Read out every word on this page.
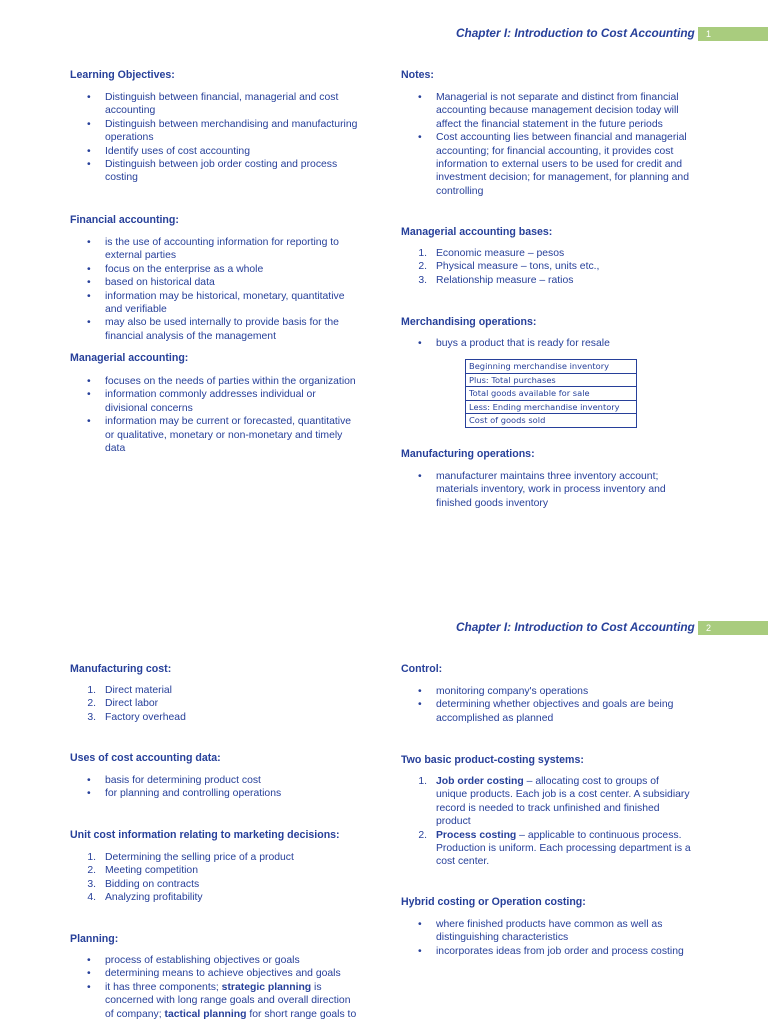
Chapter I: Introduction to Cost Accounting	1
Learning Objectives:
• Distinguish between financial, managerial and cost
accounting
• Distinguish between merchandising and manufacturing
operations
• Identify uses of cost accounting
• Distinguish between job order costing and process
costing
Financial accounting:
• is the use of accounting information for reporting to
external parties
• focus on the enterprise as a whole
• based on historical data
• information may be historical, monetary, quantitative
and verifiable
• may also be used internally to provide basis for the
financial analysis of the management
Managerial accounting:
• focuses on the needs of parties within the organization
• information commonly addresses individual or
divisional concerns
• information may be current or forecasted, quantitative
or qualitative, monetary or non-monetary and timely
data
Notes:
• Managerial is not separate and distinct from financial
accounting because management decision today will
affect the financial statement in the future periods
• Cost accounting lies between financial and managerial
accounting; for financial accounting, it provides cost
information to external users to be used for credit and
investment decision; for management, for planning and
controlling
Managerial accounting bases:
1. Economic measure – pesos
2. Physical measure – tons, units etc.,
3. Relationship measure – ratios
Merchandising operations:
• buys a product that is ready for resale
Beginning merchandise inventory
Plus: Total purchases
Total goods available for sale
Less: Ending merchandise inventory
Cost of goods sold
Manufacturing operations:
• manufacturer maintains three inventory account;
materials inventory, work in process inventory and
finished goods inventory
Chapter I: Introduction to Cost Accounting	2
Manufacturing cost:
1. Direct material
2. Direct labor
3. Factory overhead
Uses of cost accounting data:
• basis for determining product cost
• for planning and controlling operations
Unit cost information relating to marketing decisions:
1. Determining the selling price of a product
2. Meeting competition
3. Bidding on contracts
4. Analyzing profitability
Planning:
• process of establishing objectives or goals
• determining means to achieve objectives and goals
• it has three components; strategic planning is
concerned with long range goals and overall direction
of company; tactical planning for short range goals to
Control:
• monitoring company's operations
• determining whether objectives and goals are being
accomplished as planned
Two basic product-costing systems:
1. Job order costing – allocating cost to groups of
unique products. Each job is a cost center. A subsidiary
record is needed to track unfinished and finished
product
2. Process costing – applicable to continuous process.
Production is uniform. Each processing department is a
cost center.
Hybrid costing or Operation costing:
• where finished products have common as well as
distinguishing characteristics
• incorporates ideas from job order and process costing
